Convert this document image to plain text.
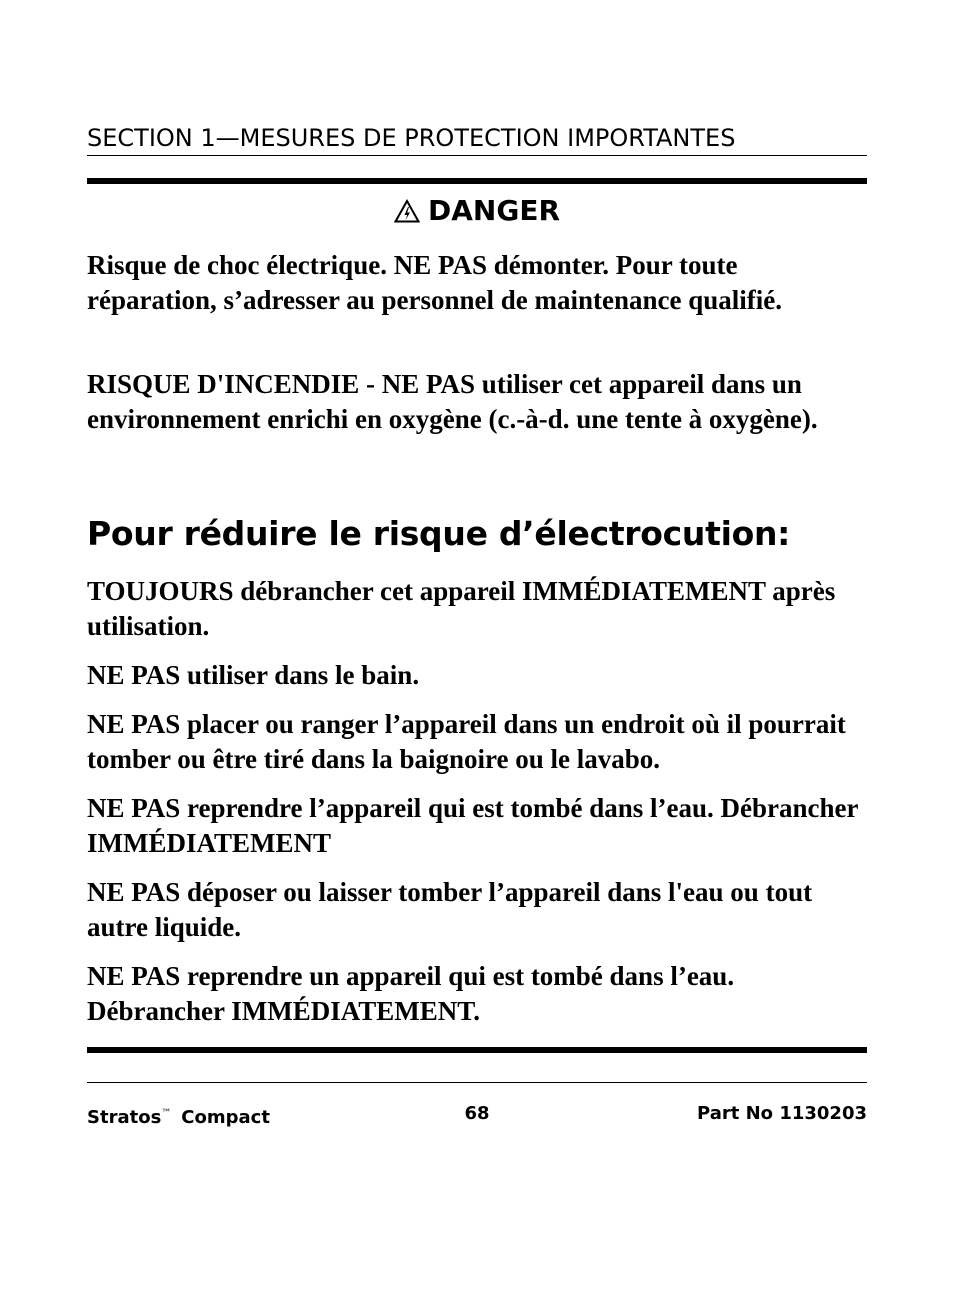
SECTION 1—MESURES DE PROTECTION IMPORTANTES
DANGER
Risque de choc électrique. NE PAS démonter. Pour toute réparation, s’adresser au personnel de maintenance qualifié.
RISQUE D'INCENDIE - NE PAS utiliser cet appareil dans un environnement enrichi en oxygène (c.-à-d. une tente à oxygène).
Pour réduire le risque d’électrocution:
TOUJOURS débrancher cet appareil IMMÉDIATEMENT après utilisation.
NE PAS utiliser dans le bain.
NE PAS placer ou ranger l’appareil dans un endroit où il pourrait tomber ou être tiré dans la baignoire ou le lavabo.
NE PAS reprendre l’appareil qui est tombé dans l’eau. Débrancher IMMÉDIATEMENT
NE PAS déposer ou laisser tomber l’appareil dans l'eau ou tout autre liquide.
NE PAS reprendre un appareil qui est tombé dans l’eau. Débrancher IMMÉDIATEMENT.
Stratos™ Compact	68	Part No 1130203
